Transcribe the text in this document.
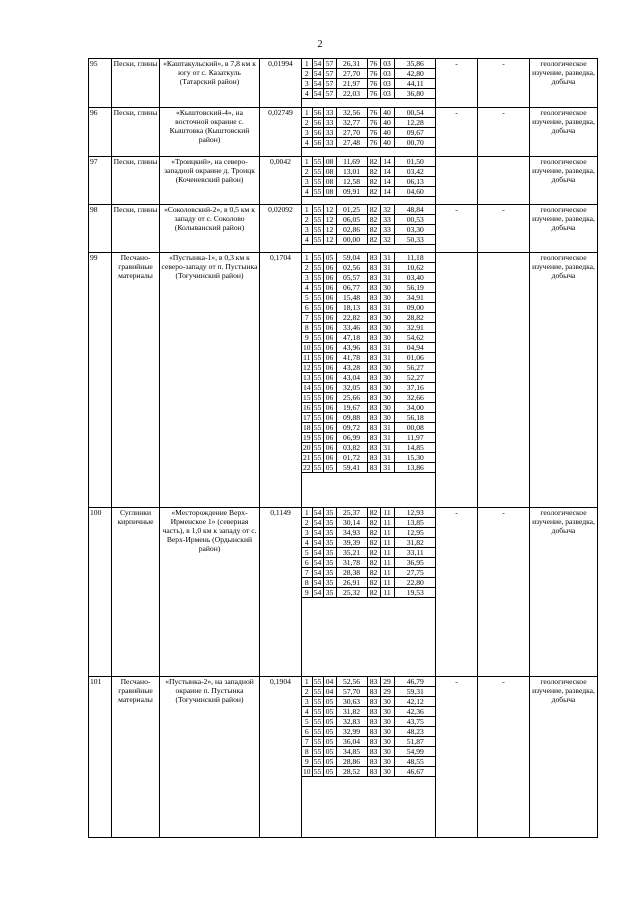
2
95	Пески, глины	«Каштакульский», в 7,8 км к югу от с. Казаткуль (Татарский район)	0,01994	1	54	57	26,31	76	03	35,86
2	54	57	27,70	76	03	42,80
3	54	57	21,97	76	03	44,11
4	54	57	22,03	76	03	36,80
	-	-	геологическое изучение, разведка, добыча
96	Пески, глины	«Кыштовский-4», на восточной окраине с. Кыштовка (Кыштовский район)	0,02749	1	56	33	32,56	76	40	00,54
2	56	33	32,77	76	40	12,28
3	56	33	27,70	76	40	09,67
4	56	33	27,48	76	40	00,70
	-	-	геологическое изучение, разведка, добыча
97	Пески, глины	«Троицкий», на северо-западной окраине д. Троицк (Коченевский район)	0,0042	1	55	08	11,69	82	14	01,50
2	55	08	13,01	82	14	03,42
3	55	08	12,58	82	14	06,13
4	55	08	09,91	82	14	04,60
			геологическое изучение, разведка, добыча
98	Пески, глины	«Соколовский-2», в 0,5 км к западу от с. Соколово (Колыванский район)	0,02092	1	55	12	01,25	82	32	48,84
2	55	12	06,05	82	33	00,53
3	55	12	02,86	82	33	03,30
4	55	12	00,00	82	32	50,33
	-	-	геологическое изучение, разведка, добыча
99	Песчано-гравийные материалы	«Пустынка-1», в 0,3 км к северо-западу от п. Пустынка (Тогучинский район)	0,1704	1	55	05	59,04	83	31	11,18
2	55	06	02,56	83	31	10,62
3	55	06	05,57	83	31	03,40
4	55	06	06,77	83	30	56,19
5	55	06	15,48	83	30	34,91
6	55	06	18,13	83	31	09,00
7	55	06	22,82	83	30	28,82
8	55	06	33,46	83	30	32,91
9	55	06	47,18	83	30	54,62
10	55	06	43,96	83	31	04,94
11	55	06	41,78	83	31	01,06
12	55	06	43,28	83	30	56,27
13	55	06	43,04	83	30	52,27
14	55	06	32,05	83	30	37,16
15	55	06	25,66	83	30	32,66
16	55	06	19,67	83	30	34,00
17	55	06	09,88	83	30	56,18
18	55	06	09,72	83	31	00,08
19	55	06	06,99	83	31	11,97
20	55	06	03,82	83	31	14,85
21	55	06	01,72	83	31	15,30
22	55	05	59,41	83	31	13,86
			геологическое изучение, разведка, добыча
100	Суглинки кирпичные	«Месторождение Верх-Ирменское 1» (северная часть), в 1,0 км к западу от с. Верх-Ирмень (Ордынский район)	0,1149	1	54	35	25,37	82	11	12,93
2	54	35	30,14	82	11	13,85
3	54	35	34,93	82	11	12,95
4	54	35	39,39	82	11	31,82
5	54	35	35,21	82	11	33,11
6	54	35	31,78	82	11	36,95
7	54	35	28,38	82	11	27,75
8	54	35	26,91	82	11	22,80
9	54	35	25,32	82	11	19,53
	-	-	геологическое изучение, разведка, добыча
101	Песчано-гравийные материалы	«Пустынка-2», на западной окраине п. Пустынка (Тогучинский район)	0,1904	1	55	04	52,56	83	29	46,79
2	55	04	57,70	83	29	59,31
3	55	05	30,63	83	30	42,12
4	55	05	31,82	83	30	42,36
5	55	05	32,83	83	30	43,75
6	55	05	32,99	83	30	48,23
7	55	05	36,04	83	30	51,87
8	55	05	34,85	83	30	54,99
9	55	05	28,86	83	30	48,55
10	55	05	28,52	83	30	46,67
	-	-	геологическое изучение, разведка, добыча
